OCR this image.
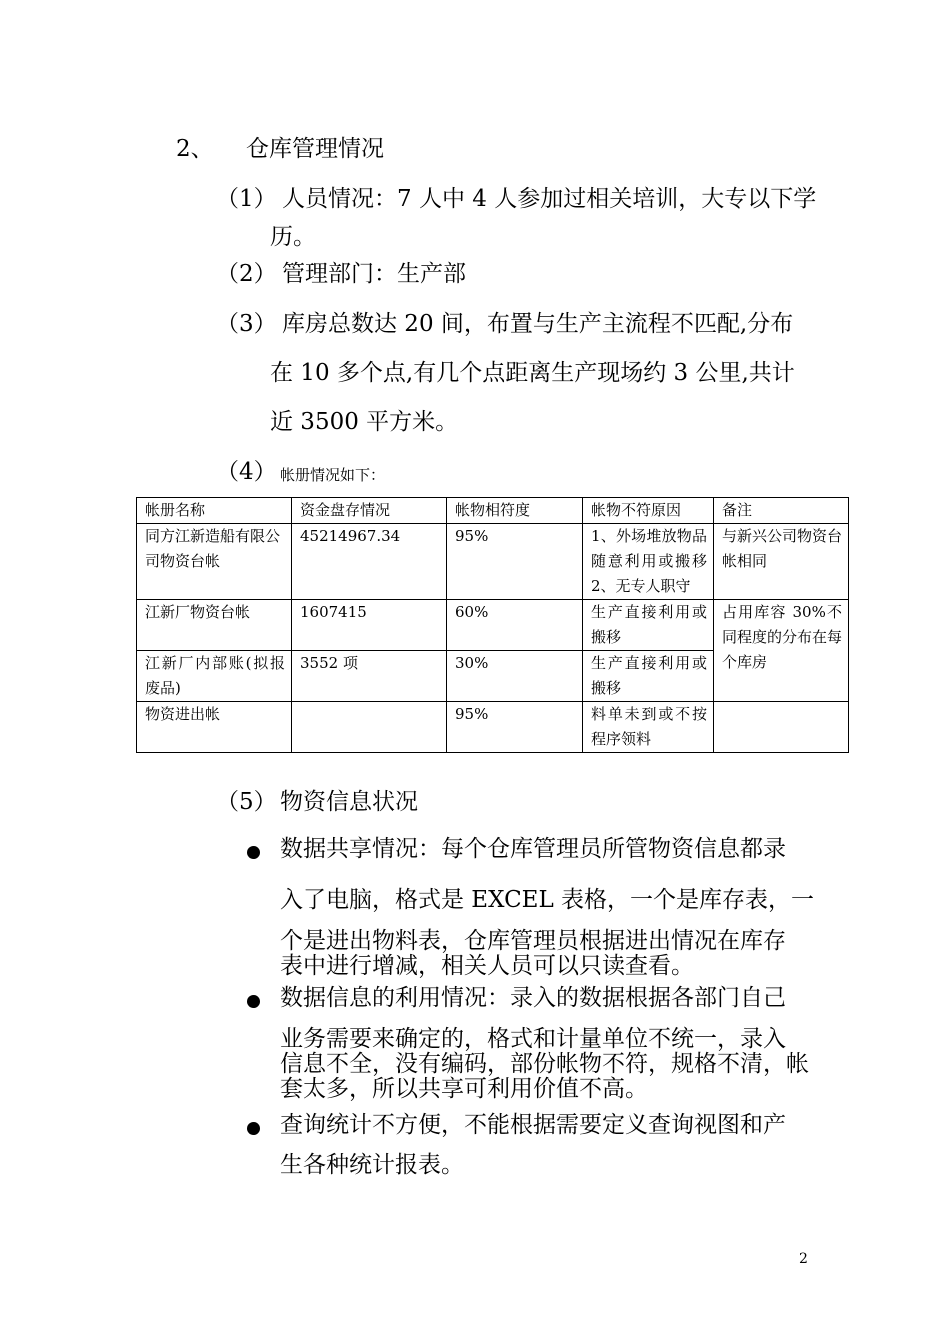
2、 仓库管理情况
（1） 人员情况：7 人中 4 人参加过相关培训，大专以下学
历。
（2） 管理部门：生产部
（3） 库房总数达 20 间，布置与生产主流程不匹配,分布
在 10 多个点,有几个点距离生产现场约 3 公里,共计
近 3500 平方米。
（4） 帐册情况如下：
帐册名称	资金盘存情况	帐物相符度	帐物不符原因	备注
同方江新造船有限公司物资台帐	45214967.34	95%	1、外场堆放物品随意利用或搬移 2、无专人职守	与新兴公司物资台帐相同
江新厂物资台帐	1607415	60%	生产直接利用或搬移	占用库容 30%不同程度的分布在每个库房
江新厂内部账(拟报废品)	3552 项	30%	生产直接利用或搬移	
物资进出帐		95%	料单未到或不按程序领料	
（5） 物资信息状况
数据共享情况：每个仓库管理员所管物资信息都录
入了电脑，格式是 EXCEL 表格，一个是库存表，一
个是进出物料表，仓库管理员根据进出情况在库存
表中进行增减，相关人员可以只读查看。
数据信息的利用情况：录入的数据根据各部门自己
业务需要来确定的，格式和计量单位不统一，录入
信息不全，没有编码，部份帐物不符，规格不清，帐
套太多，所以共享可利用价值不高。
查询统计不方便，不能根据需要定义查询视图和产
生各种统计报表。
2
